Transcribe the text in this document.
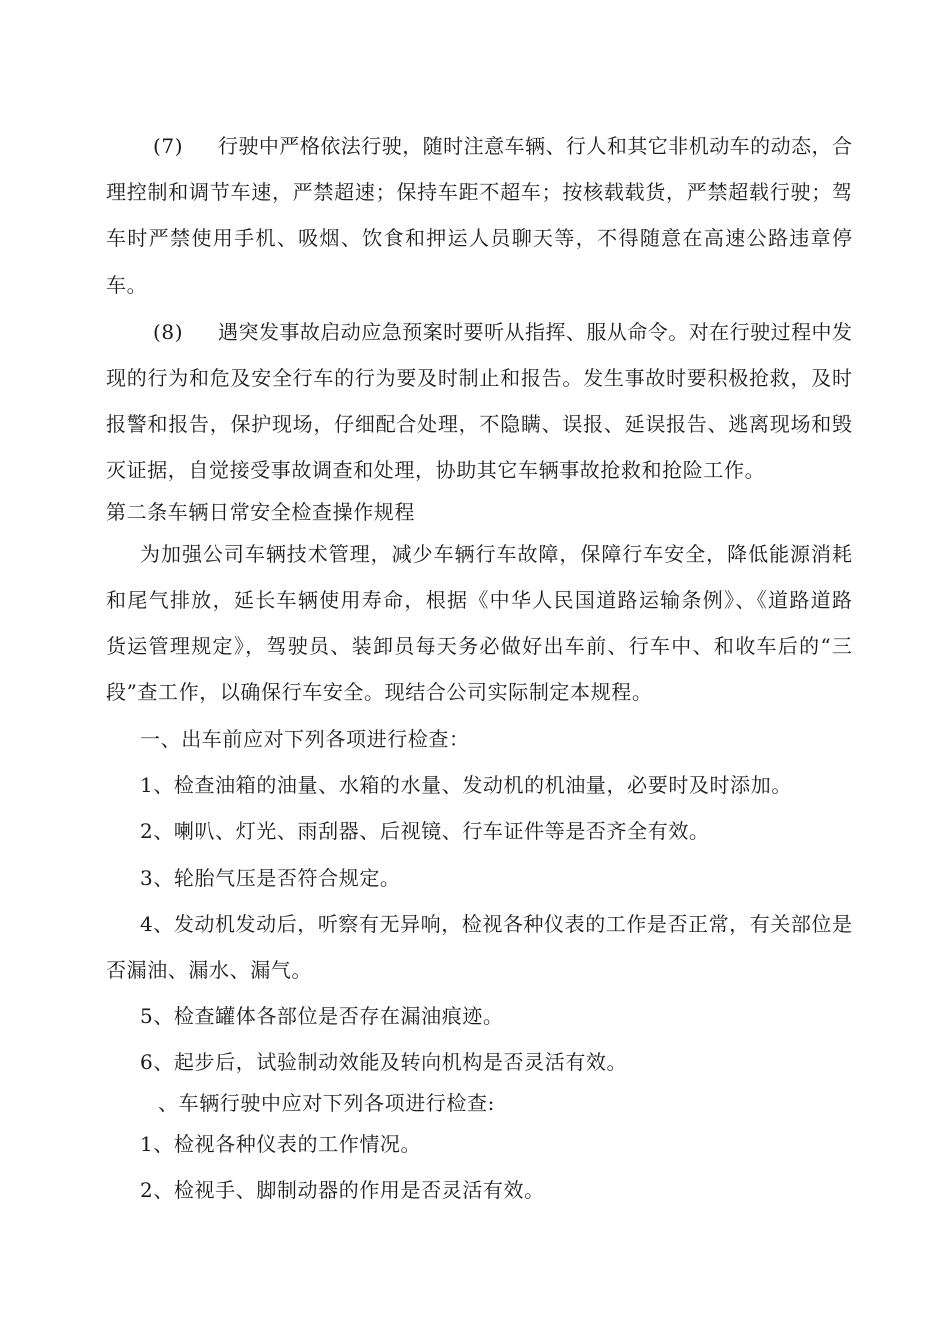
(7) 行驶中严格依法行驶，随时注意车辆、行人和其它非机动车的动态，合
理控制和调节车速，严禁超速；保持车距不超车；按核载载货，严禁超载行驶；驾
车时严禁使用手机、吸烟、饮食和押运人员聊天等，不得随意在高速公路违章停
车。
(8) 遇突发事故启动应急预案时要听从指挥、服从命令。对在行驶过程中发
现的行为和危及安全行车的行为要及时制止和报告。发生事故时要积极抢救，及时
报警和报告，保护现场，仔细配合处理，不隐瞒、误报、延误报告、逃离现场和毁
灭证据，自觉接受事故调查和处理，协助其它车辆事故抢救和抢险工作。
第二条车辆日常安全检查操作规程
为加强公司车辆技术管理，减少车辆行车故障，保障行车安全，降低能源消耗
和尾气排放，延长车辆使用寿命，根据《中华人民国道路运输条例》、《道路道路
货运管理规定》，驾驶员、装卸员每天务必做好出车前、行车中、和收车后的“三
段”查工作，以确保行车安全。现结合公司实际制定本规程。
一、出车前应对下列各项进行检查：
1、检查油箱的油量、水箱的水量、发动机的机油量，必要时及时添加。
2、喇叭、灯光、雨刮器、后视镜、行车证件等是否齐全有效。
3、轮胎气压是否符合规定。
4、发动机发动后，听察有无异响，检视各种仪表的工作是否正常，有关部位是
否漏油、漏水、漏气。
5、检查罐体各部位是否存在漏油痕迹。
6、起步后，试验制动效能及转向机构是否灵活有效。
、车辆行驶中应对下列各项进行检查:
1、检视各种仪表的工作情况。
2、检视手、脚制动器的作用是否灵活有效。
